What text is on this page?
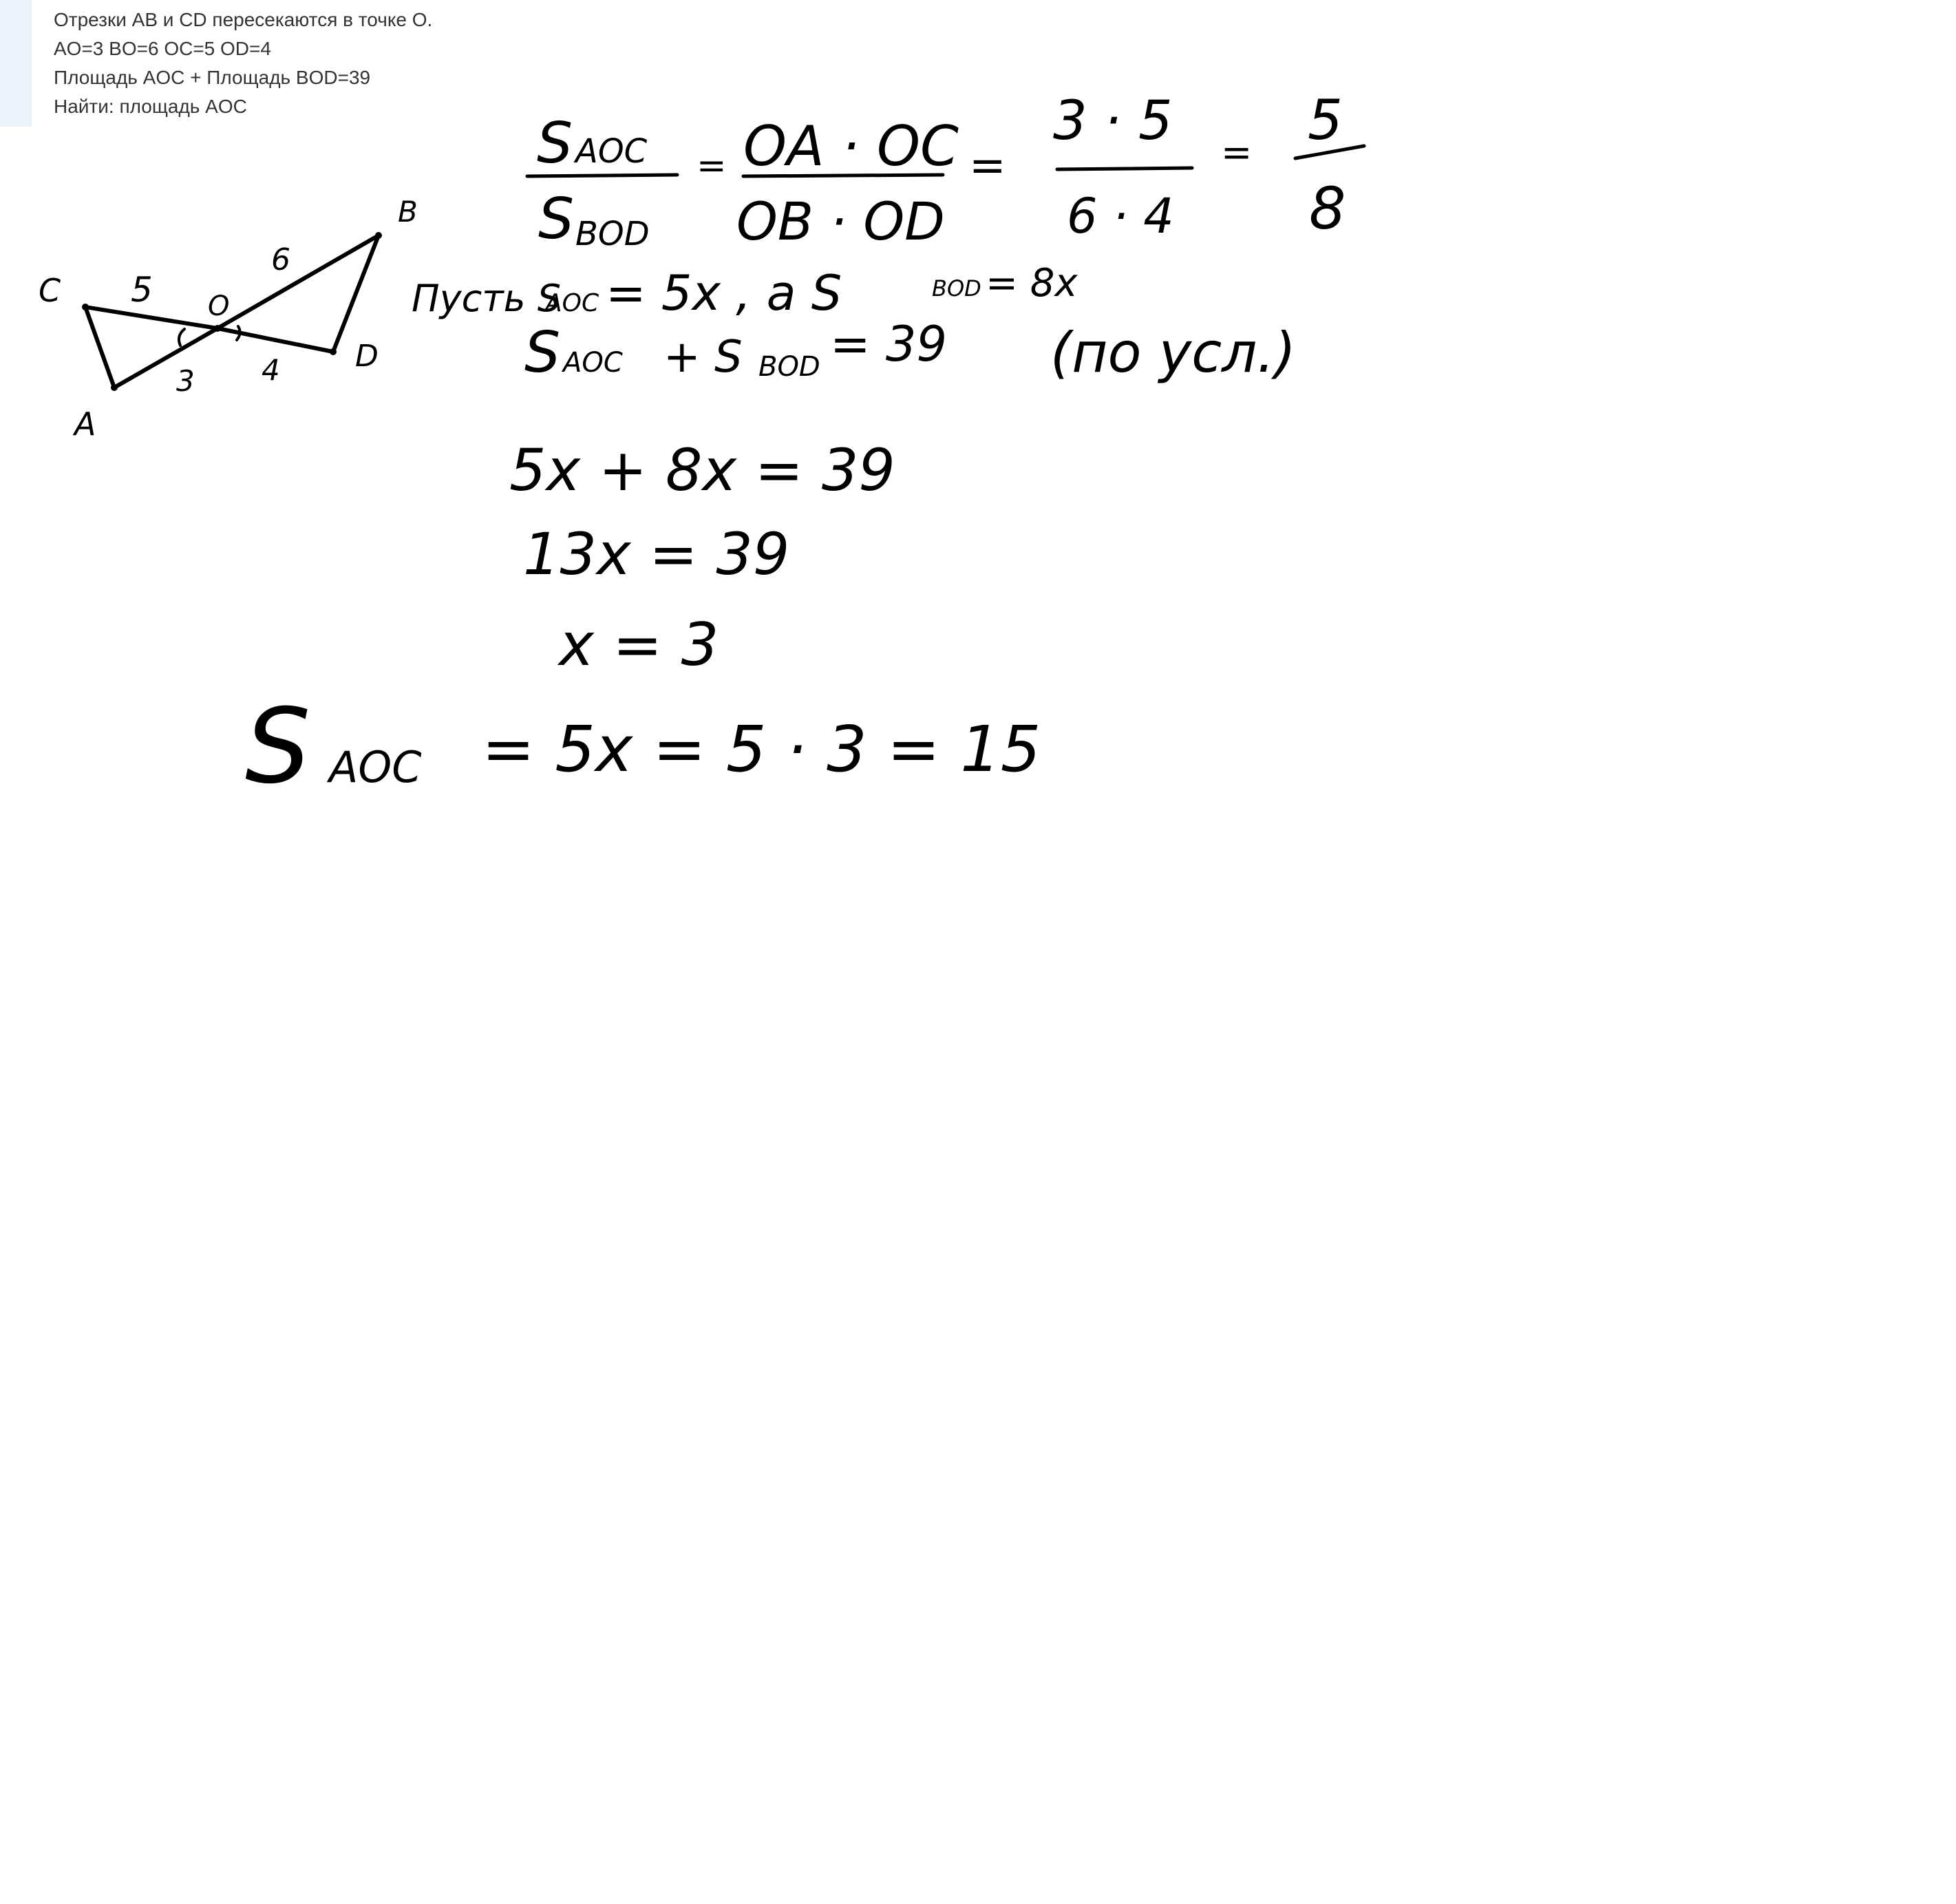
Отрезки AB и CD пересекаются в точке O.
AO=3 BO=6 OC=5 OD=4
Площадь AOC + Площадь BOD=39
Найти: площадь AOC
C
B
O
D
A
5
6
3 4
S AOC
S BOD
= OA · OC
OB · OD
=
3 · 5
6 · 4
=
5
8
Пусть S
AOC = 5x , a S	BOD = 8x
S AOC + S BOD = 39 (по усл.)
5x + 8x = 39
13x = 39
x = 3
S AOC = 5x = 5 · 3 = 15
